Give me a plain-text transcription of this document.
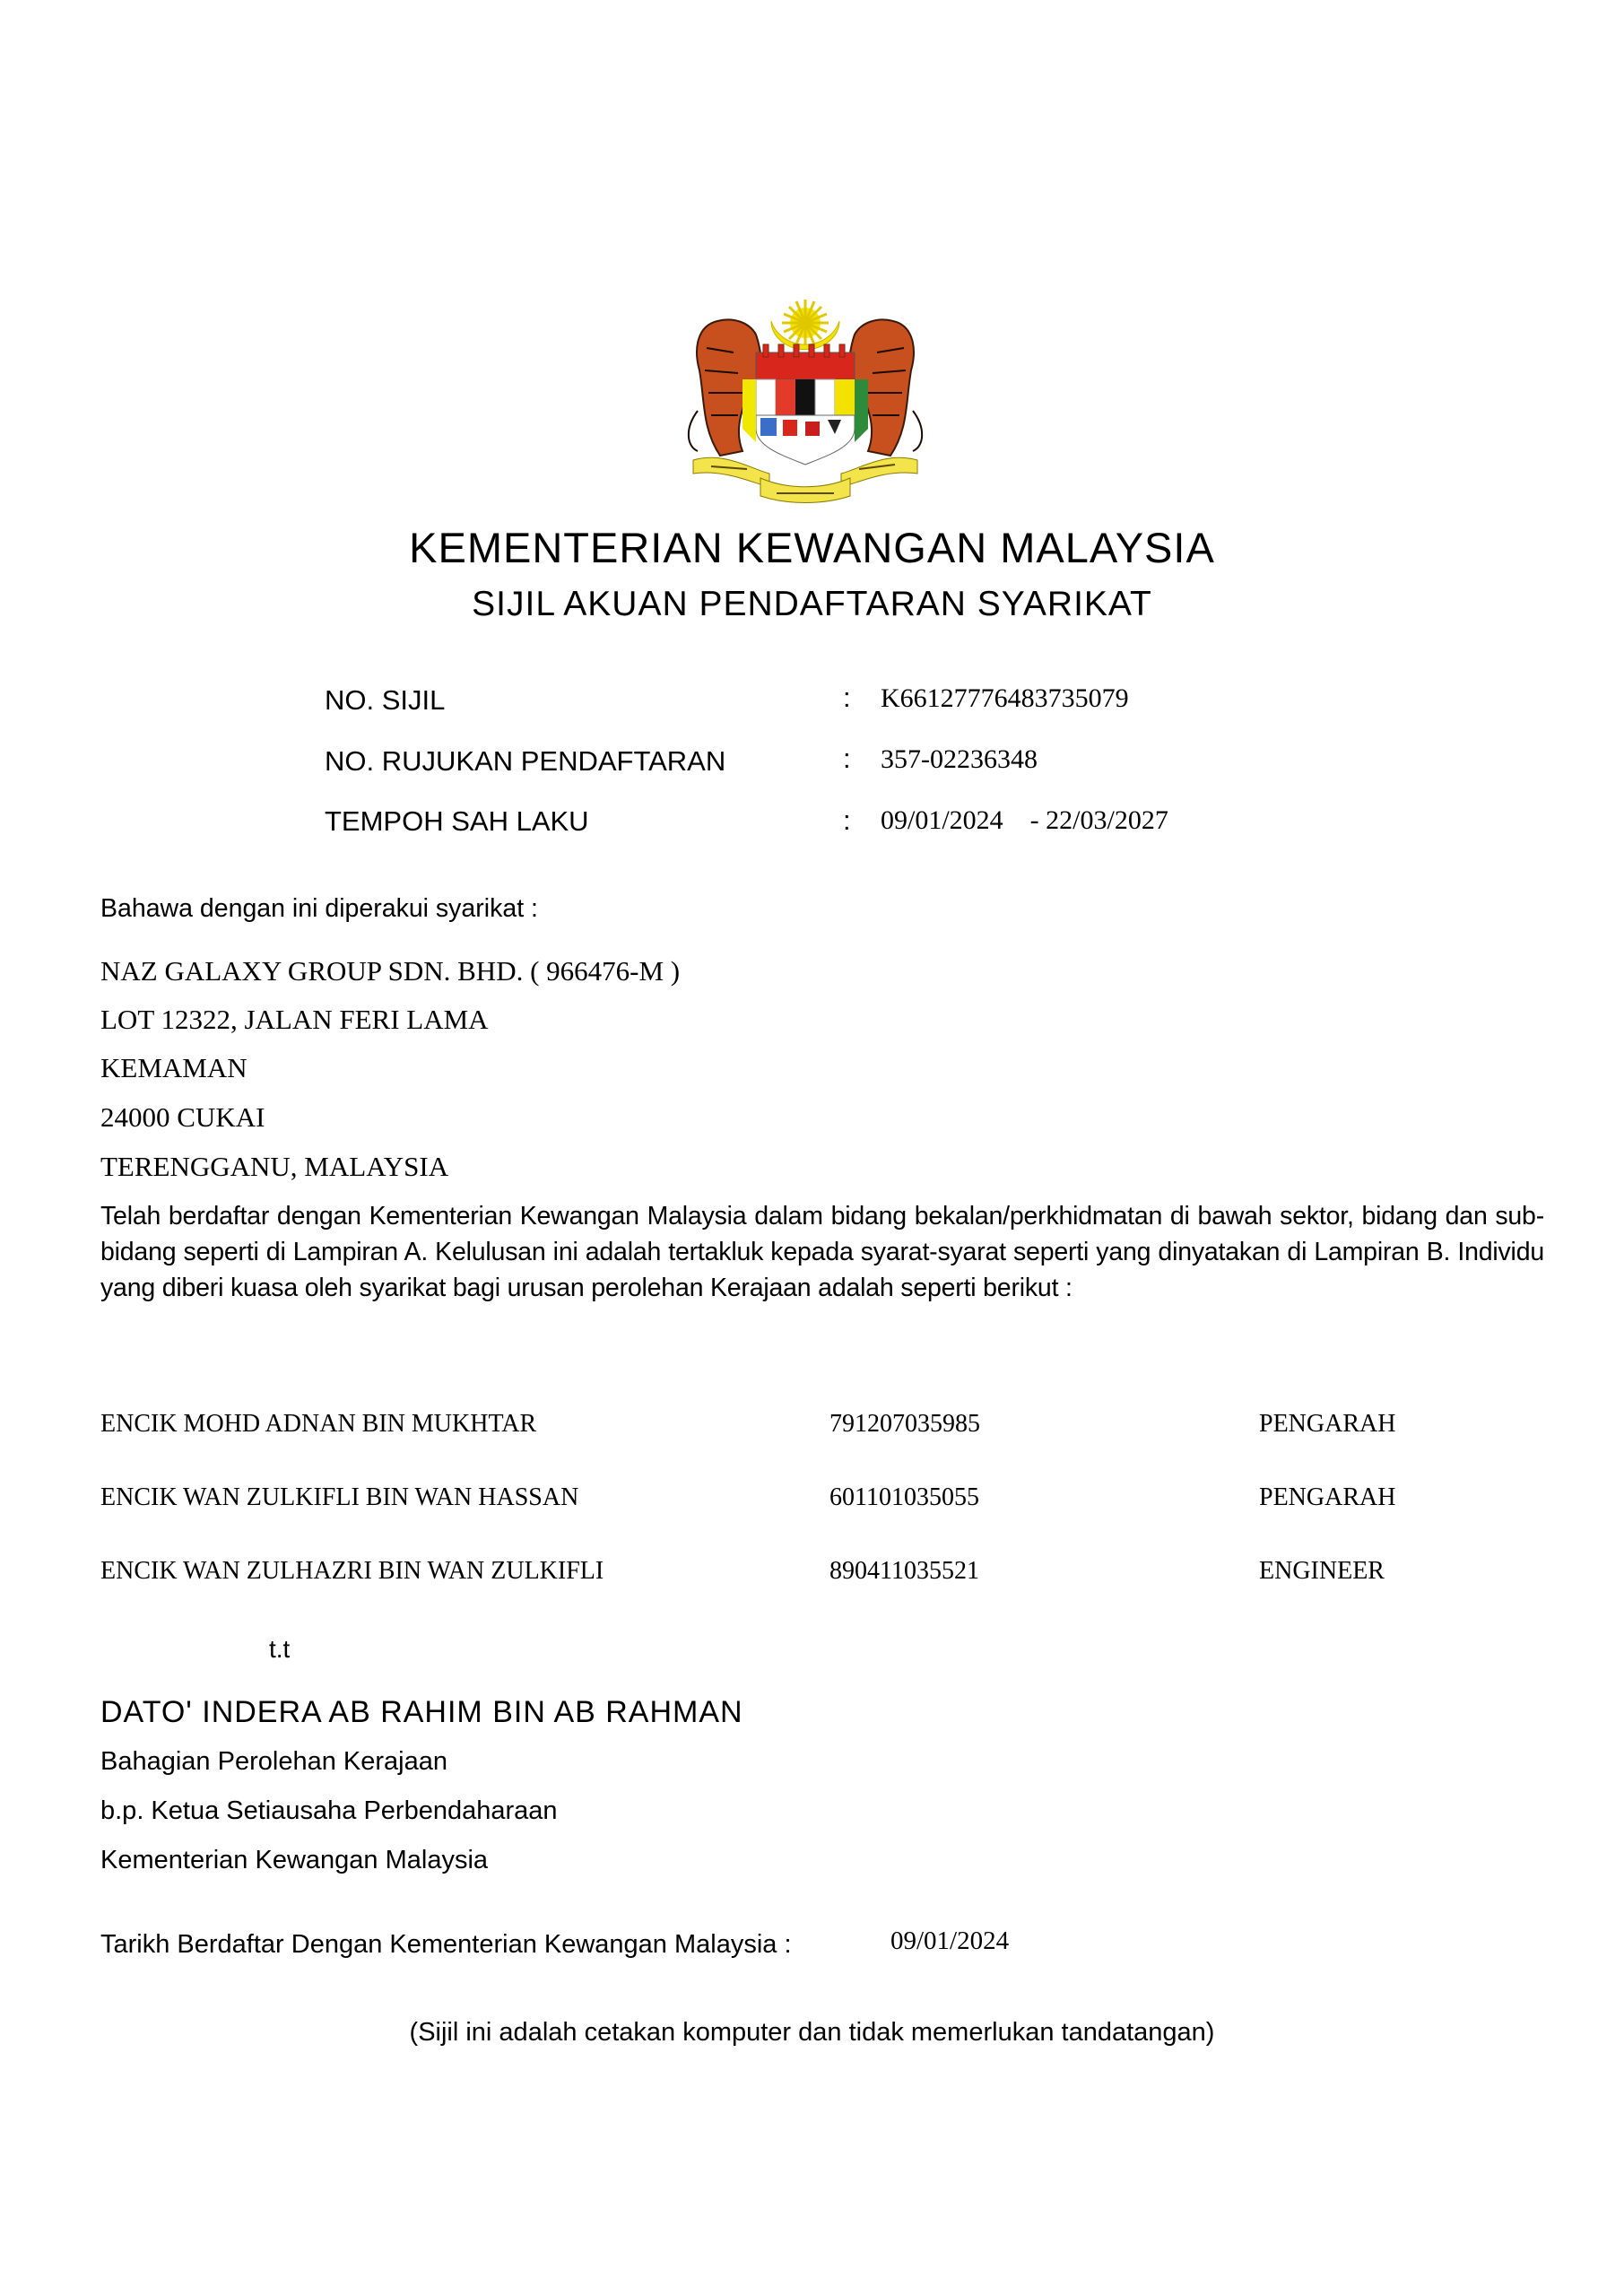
KEMENTERIAN KEWANGAN MALAYSIA
SIJIL AKUAN PENDAFTARAN SYARIKAT
NO. SIJIL	: K66127776483735079
NO. RUJUKAN PENDAFTARAN	: 357-02236348
TEMPOH SAH LAKU	: 09/01/2024    - 22/03/2027
Bahawa dengan ini diperakui syarikat :
NAZ GALAXY GROUP SDN. BHD. ( 966476-M )
LOT 12322, JALAN FERI LAMA
KEMAMAN
24000 CUKAI
TERENGGANU, MALAYSIA
Telah berdaftar dengan Kementerian Kewangan Malaysia dalam bidang bekalan/perkhidmatan di bawah sektor, bidang dan sub-bidang seperti di Lampiran A. Kelulusan ini adalah tertakluk kepada syarat-syarat seperti yang dinyatakan di Lampiran B. Individu yang diberi kuasa oleh syarikat bagi urusan perolehan Kerajaan adalah seperti berikut :
ENCIK MOHD ADNAN BIN MUKHTAR	791207035985	PENGARAH
ENCIK WAN ZULKIFLI BIN WAN HASSAN	601101035055	PENGARAH
ENCIK WAN ZULHAZRI BIN WAN ZULKIFLI	890411035521	ENGINEER
t.t
DATO' INDERA AB RAHIM BIN AB RAHMAN
Bahagian Perolehan Kerajaan
b.p. Ketua Setiausaha Perbendaharaan
Kementerian Kewangan Malaysia
Tarikh Berdaftar Dengan Kementerian Kewangan Malaysia :	09/01/2024
(Sijil ini adalah cetakan komputer dan tidak memerlukan tandatangan)
